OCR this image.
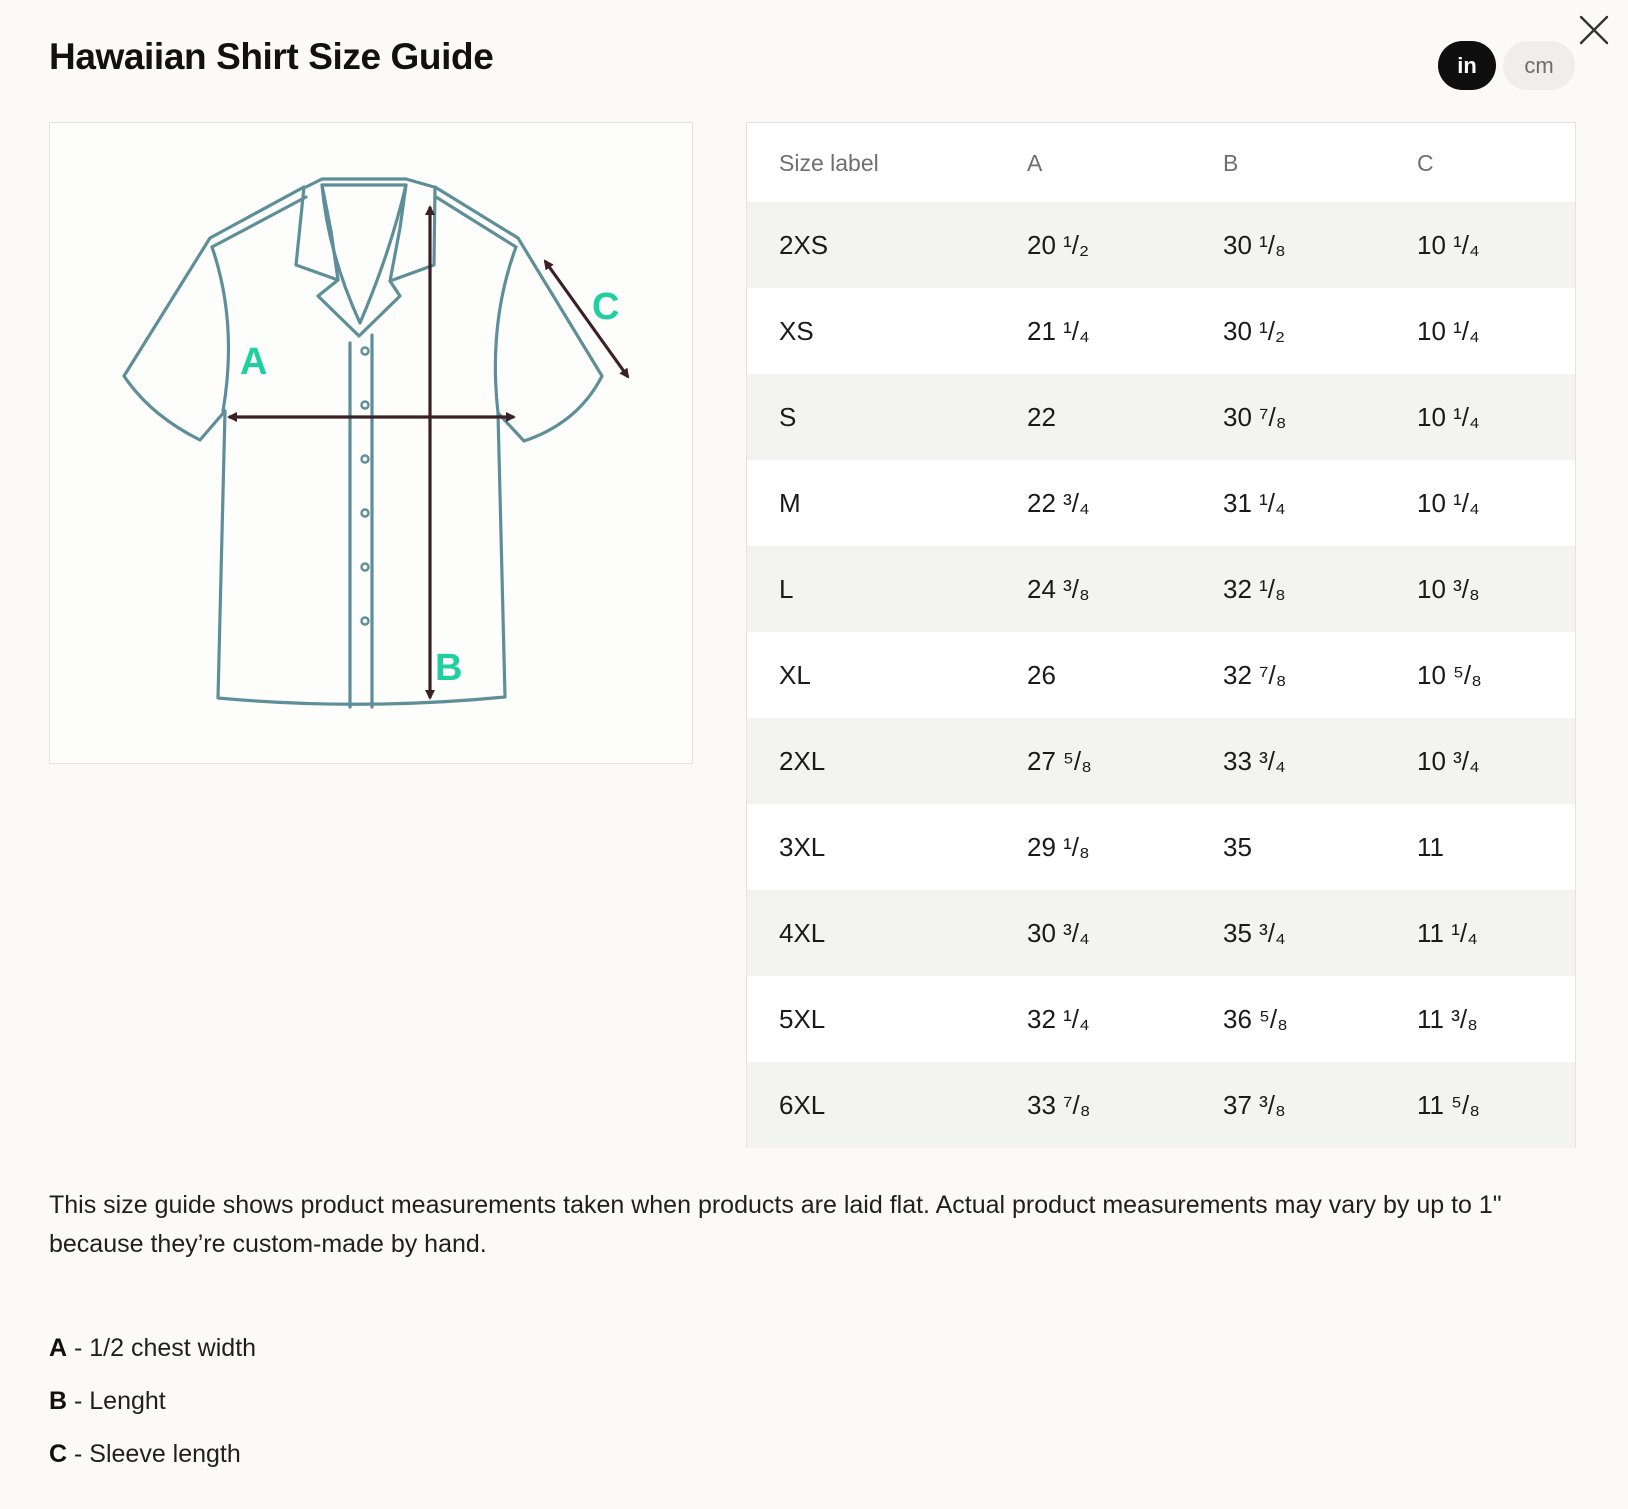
Hawaiian Shirt Size Guide	in	cm
A
B
C
Size label	A	B	C
2XS	20 ¹/₂	30 ¹/₈	10 ¹/₄
XS	21 ¹/₄	30 ¹/₂	10 ¹/₄
S	22	30 ⁷/₈	10 ¹/₄
M	22 ³/₄	31 ¹/₄	10 ¹/₄
L	24 ³/₈	32 ¹/₈	10 ³/₈
XL	26	32 ⁷/₈	10 ⁵/₈
2XL	27 ⁵/₈	33 ³/₄	10 ³/₄
3XL	29 ¹/₈	35	11
4XL	30 ³/₄	35 ³/₄	11 ¹/₄
5XL	32 ¹/₄	36 ⁵/₈	11 ³/₈
6XL	33 ⁷/₈	37 ³/₈	11 ⁵/₈

This size guide shows product measurements taken when products are laid flat. Actual product measurements may vary by up to 1" because they’re custom-made by hand.

A - 1/2 chest width
B - Lenght
C - Sleeve length
